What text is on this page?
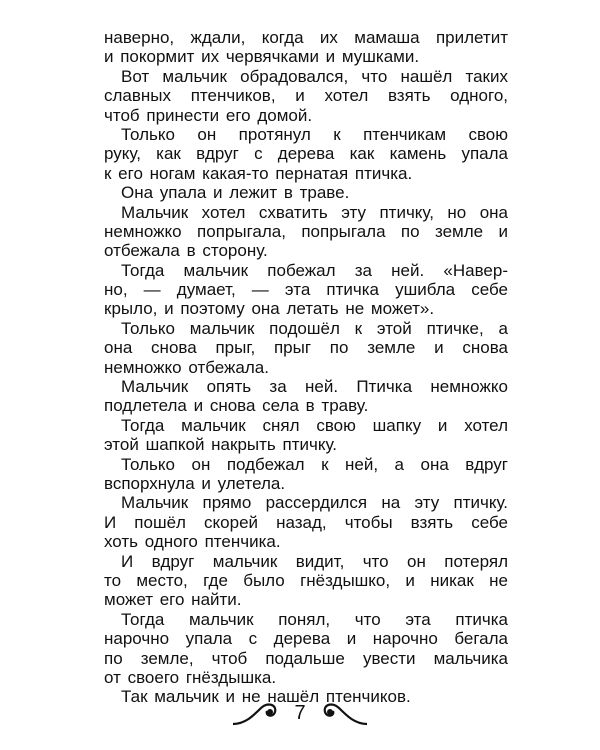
наверно, ждали, когда их мамаша прилетит
и покормит их червячками и мушками.
Вот мальчик обрадовался, что нашёл таких
славных птенчиков, и хотел взять одного,
чтоб принести его домой.
Только он протянул к птенчикам свою
руку, как вдруг с дерева как камень упала
к его ногам какая-то пернатая птичка.
Она упала и лежит в траве.
Мальчик хотел схватить эту птичку, но она
немножко попрыгала, попрыгала по земле и
отбежала в сторону.
Тогда мальчик побежал за ней. «Навер-
но, — думает, — эта птичка ушибла себе
крыло, и поэтому она летать не может».
Только мальчик подошёл к этой птичке, а
она снова прыг, прыг по земле и снова
немножко отбежала.
Мальчик опять за ней. Птичка немножко
подлетела и снова села в траву.
Тогда мальчик снял свою шапку и хотел
этой шапкой накрыть птичку.
Только он подбежал к ней, а она вдруг
вспорхнула и улетела.
Мальчик прямо рассердился на эту птичку.
И пошёл скорей назад, чтобы взять себе
хоть одного птенчика.
И вдруг мальчик видит, что он потерял
то место, где было гнёздышко, и никак не
может его найти.
Тогда мальчик понял, что эта птичка
нарочно упала с дерева и нарочно бегала
по земле, чтоб подальше увести мальчика
от своего гнёздышка.
Так мальчик и не нашёл птенчиков.
7
